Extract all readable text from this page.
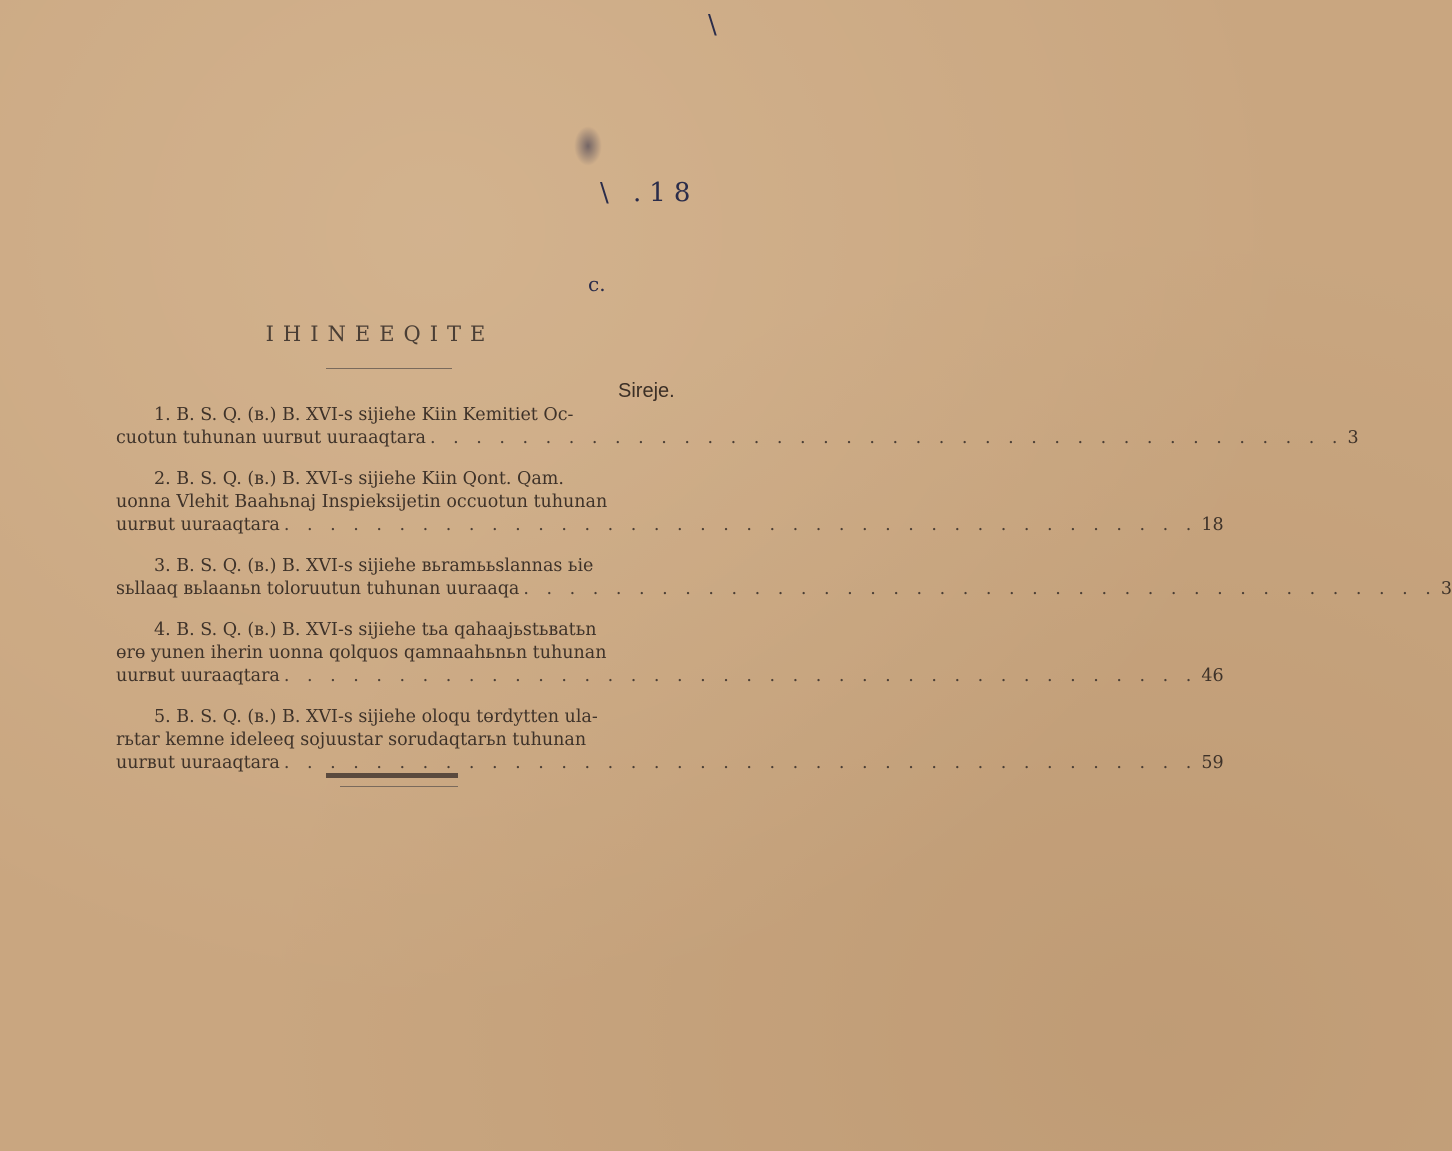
\
\ .18
c.
IHINEEQITE
Sireje.
1. B. S. Q. (в.) B. XVI-s sijiehe Kiin Kemitiet Oc-
cuotun tuhunan uurвut uuraaqtara . . . . . . . . . . . . . . . . . . . . . . . . . . . . . . . . . . . . . . . . 3
2. B. S. Q. (в.) B. XVI-s sijiehe Kiin Qont. Qam.
uonna Vlehit Baahьnaj Inspieksijetin occuotun tuhunan
uurвut uuraaqtara . . . . . . . . . . . . . . . . . . . . . . . . . . . . . . . . . . . . . . . . 18
3. B. S. Q. (в.) B. XVI-s sijiehe вьramььslannas ьie
sьllaaq вьlaanьn toloruutun tuhunan uuraaqa . . . . . . . . . . . . . . . . . . . . . . . . . . . . . . . . . . . . . . . . 3
4. B. S. Q. (в.) B. XVI-s sijiehe tьa qahaajьstьвatьn
өrө yunen iherin uonna qolquos qamnaahьnьn tuhunan
uurвut uuraaqtara . . . . . . . . . . . . . . . . . . . . . . . . . . . . . . . . . . . . . . . . 46
5. B. S. Q. (в.) B. XVI-s sijiehe oloqu tөrdytten ula-
rьtar kemne ideleeq sojuustar sorudaqtarьn tuhunan
uurвut uuraaqtara . . . . . . . . . . . . . . . . . . . . . . . . . . . . . . . . . . . . . . . . 59
